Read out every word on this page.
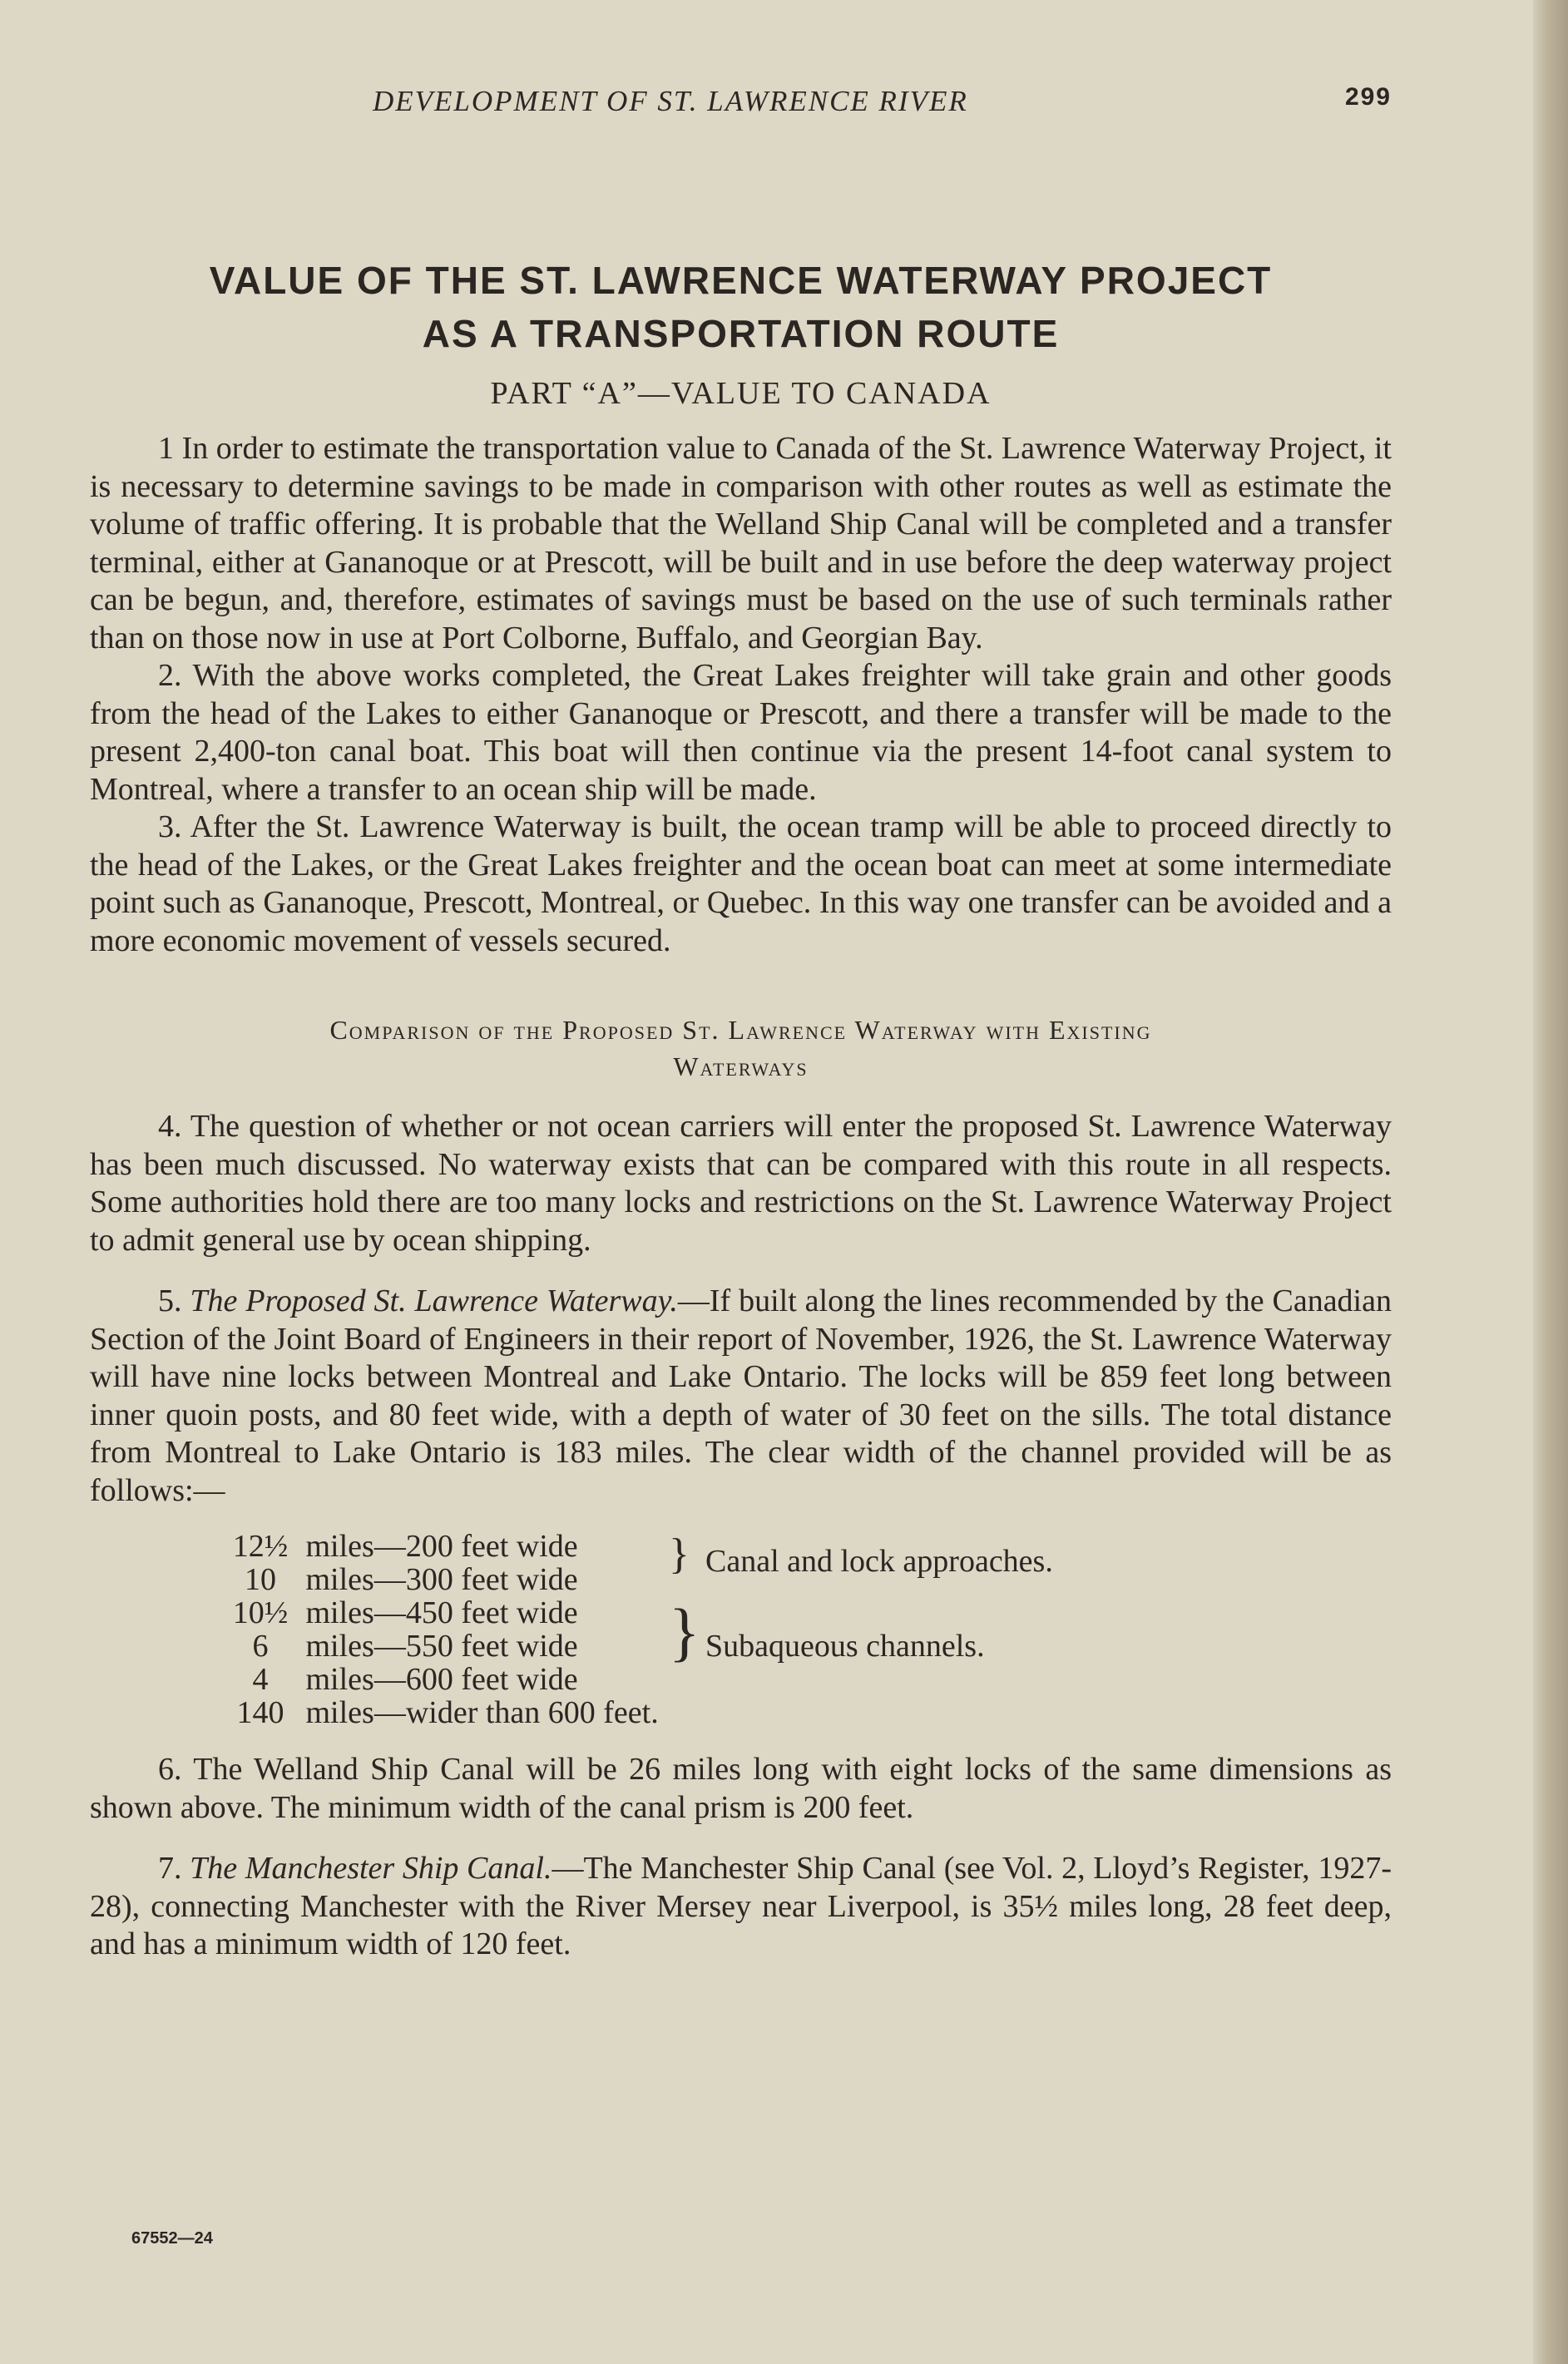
DEVELOPMENT OF ST. LAWRENCE RIVER	299
VALUE OF THE ST. LAWRENCE WATERWAY PROJECT
AS A TRANSPORTATION ROUTE
PART “A”—VALUE TO CANADA

1 In order to estimate the transportation value to Canada of the St. Lawrence Waterway Project, it is necessary to determine savings to be made in comparison with other routes as well as estimate the volume of traffic offering. It is probable that the Welland Ship Canal will be completed and a transfer terminal, either at Gananoque or at Prescott, will be built and in use before the deep waterway project can be begun, and, therefore, estimates of savings must be based on the use of such terminals rather than on those now in use at Port Colborne, Buffalo, and Georgian Bay.

2. With the above works completed, the Great Lakes freighter will take grain and other goods from the head of the Lakes to either Gananoque or Prescott, and there a transfer will be made to the present 2,400-ton canal boat. This boat will then continue via the present 14-foot canal system to Montreal, where a transfer to an ocean ship will be made.

3. After the St. Lawrence Waterway is built, the ocean tramp will be able to proceed directly to the head of the Lakes, or the Great Lakes freighter and the ocean boat can meet at some intermediate point such as Gananoque, Prescott, Montreal, or Quebec. In this way one transfer can be avoided and a more economic movement of vessels secured.

Comparison of the Proposed St. Lawrence Waterway with Existing
Waterways

4. The question of whether or not ocean carriers will enter the proposed St. Lawrence Waterway has been much discussed. No waterway exists that can be compared with this route in all respects. Some authorities hold there are too many locks and restrictions on the St. Lawrence Waterway Project to admit general use by ocean shipping.

5. The Proposed St. Lawrence Waterway.—If built along the lines recommended by the Canadian Section of the Joint Board of Engineers in their report of November, 1926, the St. Lawrence Waterway will have nine locks between Montreal and Lake Ontario. The locks will be 859 feet long between inner quoin posts, and 80 feet wide, with a depth of water of 30 feet on the sills. The total distance from Montreal to Lake Ontario is 183 miles. The clear width of the channel provided will be as follows:—

12½ miles—200 feet wide
10 miles—300 feet wide
10½ miles—450 feet wide
6 miles—550 feet wide
4 miles—600 feet wide
140 miles—wider than 600 feet.
} Canal and lock approaches.
} Subaqueous channels.

6. The Welland Ship Canal will be 26 miles long with eight locks of the same dimensions as shown above. The minimum width of the canal prism is 200 feet.

7. The Manchester Ship Canal.—The Manchester Ship Canal (see Vol. 2, Lloyd’s Register, 1927-28), connecting Manchester with the River Mersey near Liverpool, is 35½ miles long, 28 feet deep, and has a minimum width of 120 feet.

67552—24
